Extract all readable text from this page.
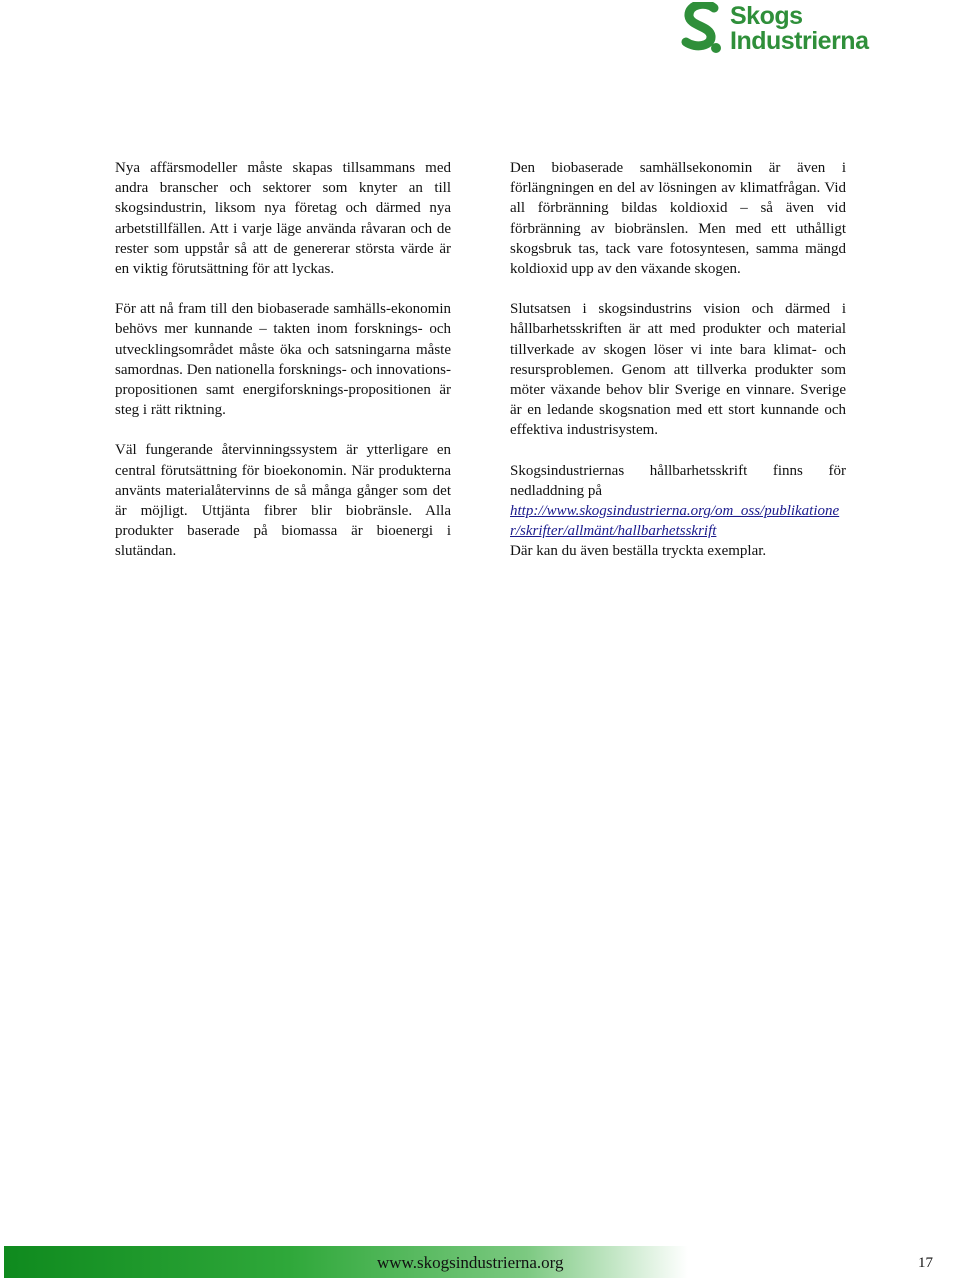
Skogs
Industrierna

Nya affärsmodeller måste skapas tillsammans med andra branscher och sektorer som knyter an till skogsindustrin, liksom nya företag och därmed nya arbetstillfällen. Att i varje läge använda råvaran och de rester som uppstår så att de genererar största värde är en viktig förutsättning för att lyckas.

För att nå fram till den biobaserade samhälls-ekonomin behövs mer kunnande – takten inom forsknings- och utvecklingsområdet måste öka och satsningarna måste samordnas. Den nationella forsknings- och innovations-propositionen samt energiforsknings-propositionen är steg i rätt riktning.

Väl fungerande återvinningssystem är ytterligare en central förutsättning för bioekonomin. När produkterna använts materialåtervinns de så många gånger som det är möjligt. Uttjänta fibrer blir biobränsle. Alla produkter baserade på biomassa är bioenergi i slutändan.

Den biobaserade samhällsekonomin är även i förlängningen en del av lösningen av klimatfrågan. Vid all förbränning bildas koldioxid – så även vid förbränning av biobränslen. Men med ett uthålligt skogsbruk tas, tack vare fotosyntesen, samma mängd koldioxid upp av den växande skogen.

Slutsatsen i skogsindustrins vision och därmed i hållbarhetsskriften är att med produkter och material tillverkade av skogen löser vi inte bara klimat- och resursproblemen. Genom att tillverka produkter som möter växande behov blir Sverige en vinnare. Sverige är en ledande skogsnation med ett stort kunnande och effektiva industrisystem.

Skogsindustriernas hållbarhetsskrift finns för nedladdning på
http://www.skogsindustrierna.org/om_oss/publikationer/skrifter/allmänt/hallbarhetsskrift
Där kan du även beställa tryckta exemplar.

www.skogsindustrierna.org	17
